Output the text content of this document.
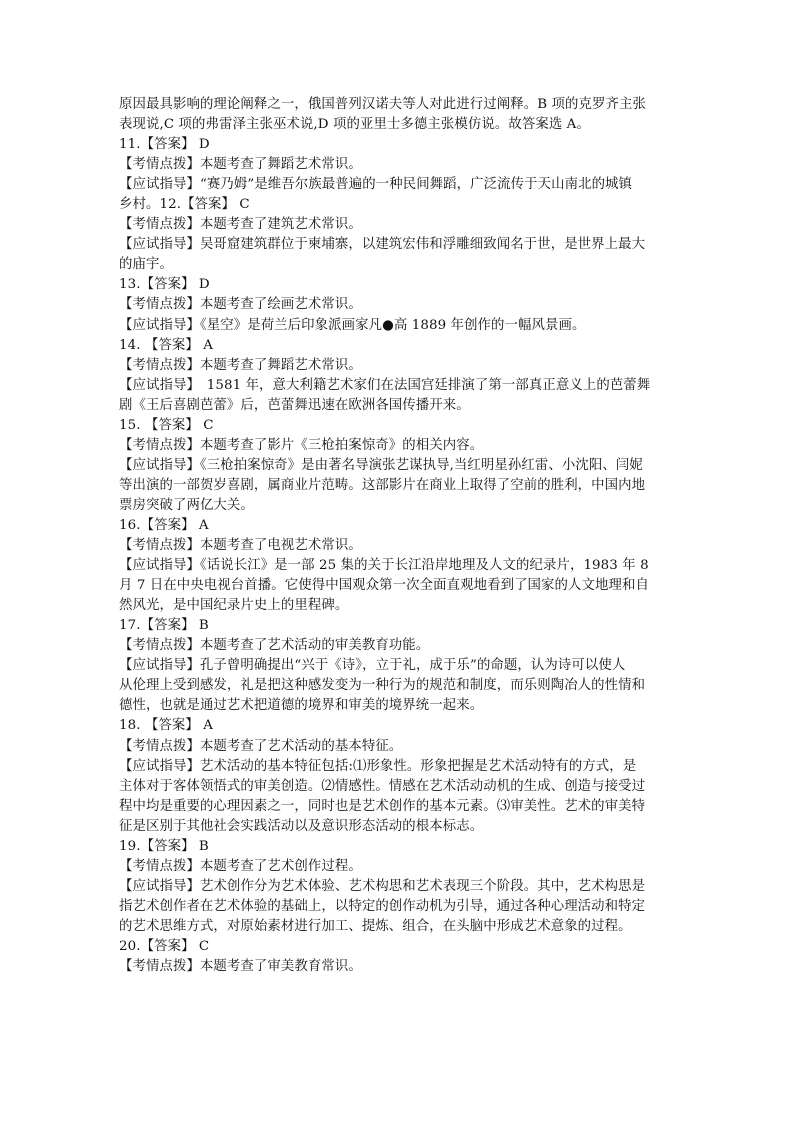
原因最具影响的理论阐释之一，俄国普列汉诺夫等人对此进行过阐释。B 项的克罗齐主张
表现说,C 项的弗雷泽主张巫术说,D 项的亚里士多德主张模仿说。故答案选 A。
11.【答案】 D
【考情点拨】本题考查了舞蹈艺术常识。
【应试指导】“赛乃姆”是维吾尔族最普遍的一种民间舞蹈，广泛流传于天山南北的城镇
乡村。12.【答案】 C
【考情点拨】本题考查了建筑艺术常识。
【应试指导】吴哥窟建筑群位于柬埔寨，以建筑宏伟和浮雕细致闻名于世，是世界上最大
的庙宇。
13.【答案】 D
【考情点拨】本题考查了绘画艺术常识。
【应试指导】《星空》是荷兰后印象派画家凡●高 1889 年创作的一幅风景画。
14. 【答案】 A
【考情点拨】本题考查了舞蹈艺术常识。
【应试指导】　1581 年，意大利籍艺术家们在法国宫廷排演了第一部真正意义上的芭蕾舞
剧《王后喜剧芭蕾》后，芭蕾舞迅速在欧洲各国传播开来。
15. 【答案】 C
【考情点拨】本题考查了影片《三枪拍案惊奇》的相关内容。
【应试指导】《三枪拍案惊奇》是由著名导演张艺谋执导,当红明星孙红雷、小沈阳、闫妮
等出演的一部贺岁喜剧，属商业片范畴。这部影片在商业上取得了空前的胜利，中国内地
票房突破了两亿大关。
16.【答案】 A
【考情点拨】本题考查了电视艺术常识。
【应试指导】《话说长江》是一部 25 集的关于长江沿岸地理及人文的纪录片，1983 年 8
月 7 日在中央电视台首播。它使得中国观众第一次全面直观地看到了国家的人文地理和自
然风光，是中国纪录片史上的里程碑。
17.【答案】 B
【考情点拨】本题考查了艺术活动的审美教育功能。
【应试指导】孔子曾明确提出“兴于《诗》，立于礼，成于乐”的命题，认为诗可以使人
从伦理上受到感发，礼是把这种感发变为一种行为的规范和制度，而乐则陶冶人的性情和
德性，也就是通过艺术把道德的境界和审美的境界统一起来。
18. 【答案】 A
【考情点拨】本题考查了艺术活动的基本特征。
【应试指导】艺术活动的基本特征包括:⑴形象性。形象把握是艺术活动特有的方式，是
主体对于客体领悟式的审美创造。⑵情感性。情感在艺术活动动机的生成、创造与接受过
程中均是重要的心理因素之一，同时也是艺术创作的基本元素。⑶审美性。艺术的审美特
征是区别于其他社会实践活动以及意识形态活动的根本标志。
19.【答案】 B
【考情点拨】本题考查了艺术创作过程。
【应试指导】艺术创作分为艺术体验、艺术构思和艺术表现三个阶段。其中，艺术构思是
指艺术创作者在艺术体验的基础上，以特定的创作动机为引导，通过各种心理活动和特定
的艺术思维方式，对原始素材进行加工、提炼、组合，在头脑中形成艺术意象的过程。
20.【答案】 C
【考情点拨】本题考查了审美教育常识。
